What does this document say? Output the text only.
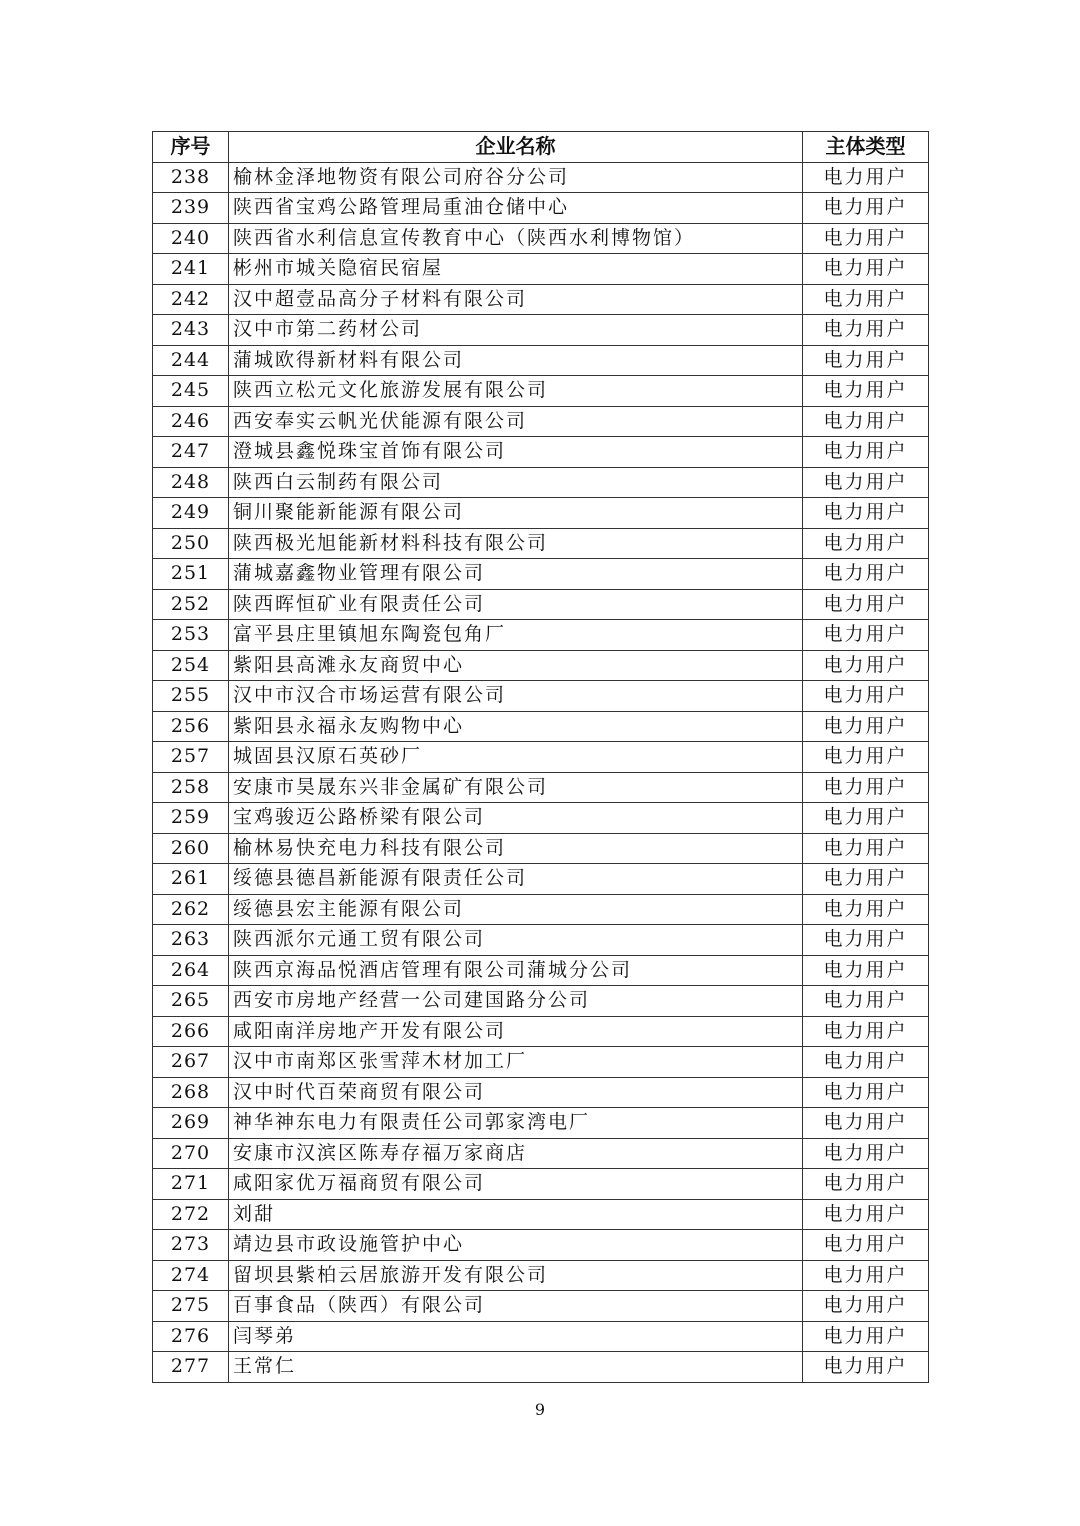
序号	企业名称	主体类型
238	榆林金泽地物资有限公司府谷分公司	电力用户
239	陕西省宝鸡公路管理局重油仓储中心	电力用户
240	陕西省水利信息宣传教育中心（陕西水利博物馆）	电力用户
241	彬州市城关隐宿民宿屋	电力用户
242	汉中超壹品高分子材料有限公司	电力用户
243	汉中市第二药材公司	电力用户
244	蒲城欧得新材料有限公司	电力用户
245	陕西立松元文化旅游发展有限公司	电力用户
246	西安奉实云帆光伏能源有限公司	电力用户
247	澄城县鑫悦珠宝首饰有限公司	电力用户
248	陕西白云制药有限公司	电力用户
249	铜川聚能新能源有限公司	电力用户
250	陕西极光旭能新材料科技有限公司	电力用户
251	蒲城嘉鑫物业管理有限公司	电力用户
252	陕西晖恒矿业有限责任公司	电力用户
253	富平县庄里镇旭东陶瓷包角厂	电力用户
254	紫阳县高滩永友商贸中心	电力用户
255	汉中市汉合市场运营有限公司	电力用户
256	紫阳县永福永友购物中心	电力用户
257	城固县汉原石英砂厂	电力用户
258	安康市昊晟东兴非金属矿有限公司	电力用户
259	宝鸡骏迈公路桥梁有限公司	电力用户
260	榆林易快充电力科技有限公司	电力用户
261	绥德县德昌新能源有限责任公司	电力用户
262	绥德县宏主能源有限公司	电力用户
263	陕西派尔元通工贸有限公司	电力用户
264	陕西京海品悦酒店管理有限公司蒲城分公司	电力用户
265	西安市房地产经营一公司建国路分公司	电力用户
266	咸阳南洋房地产开发有限公司	电力用户
267	汉中市南郑区张雪萍木材加工厂	电力用户
268	汉中时代百荣商贸有限公司	电力用户
269	神华神东电力有限责任公司郭家湾电厂	电力用户
270	安康市汉滨区陈寿存福万家商店	电力用户
271	咸阳家优万福商贸有限公司	电力用户
272	刘甜	电力用户
273	靖边县市政设施管护中心	电力用户
274	留坝县紫柏云居旅游开发有限公司	电力用户
275	百事食品（陕西）有限公司	电力用户
276	闫琴弟	电力用户
277	王常仁	电力用户
9
